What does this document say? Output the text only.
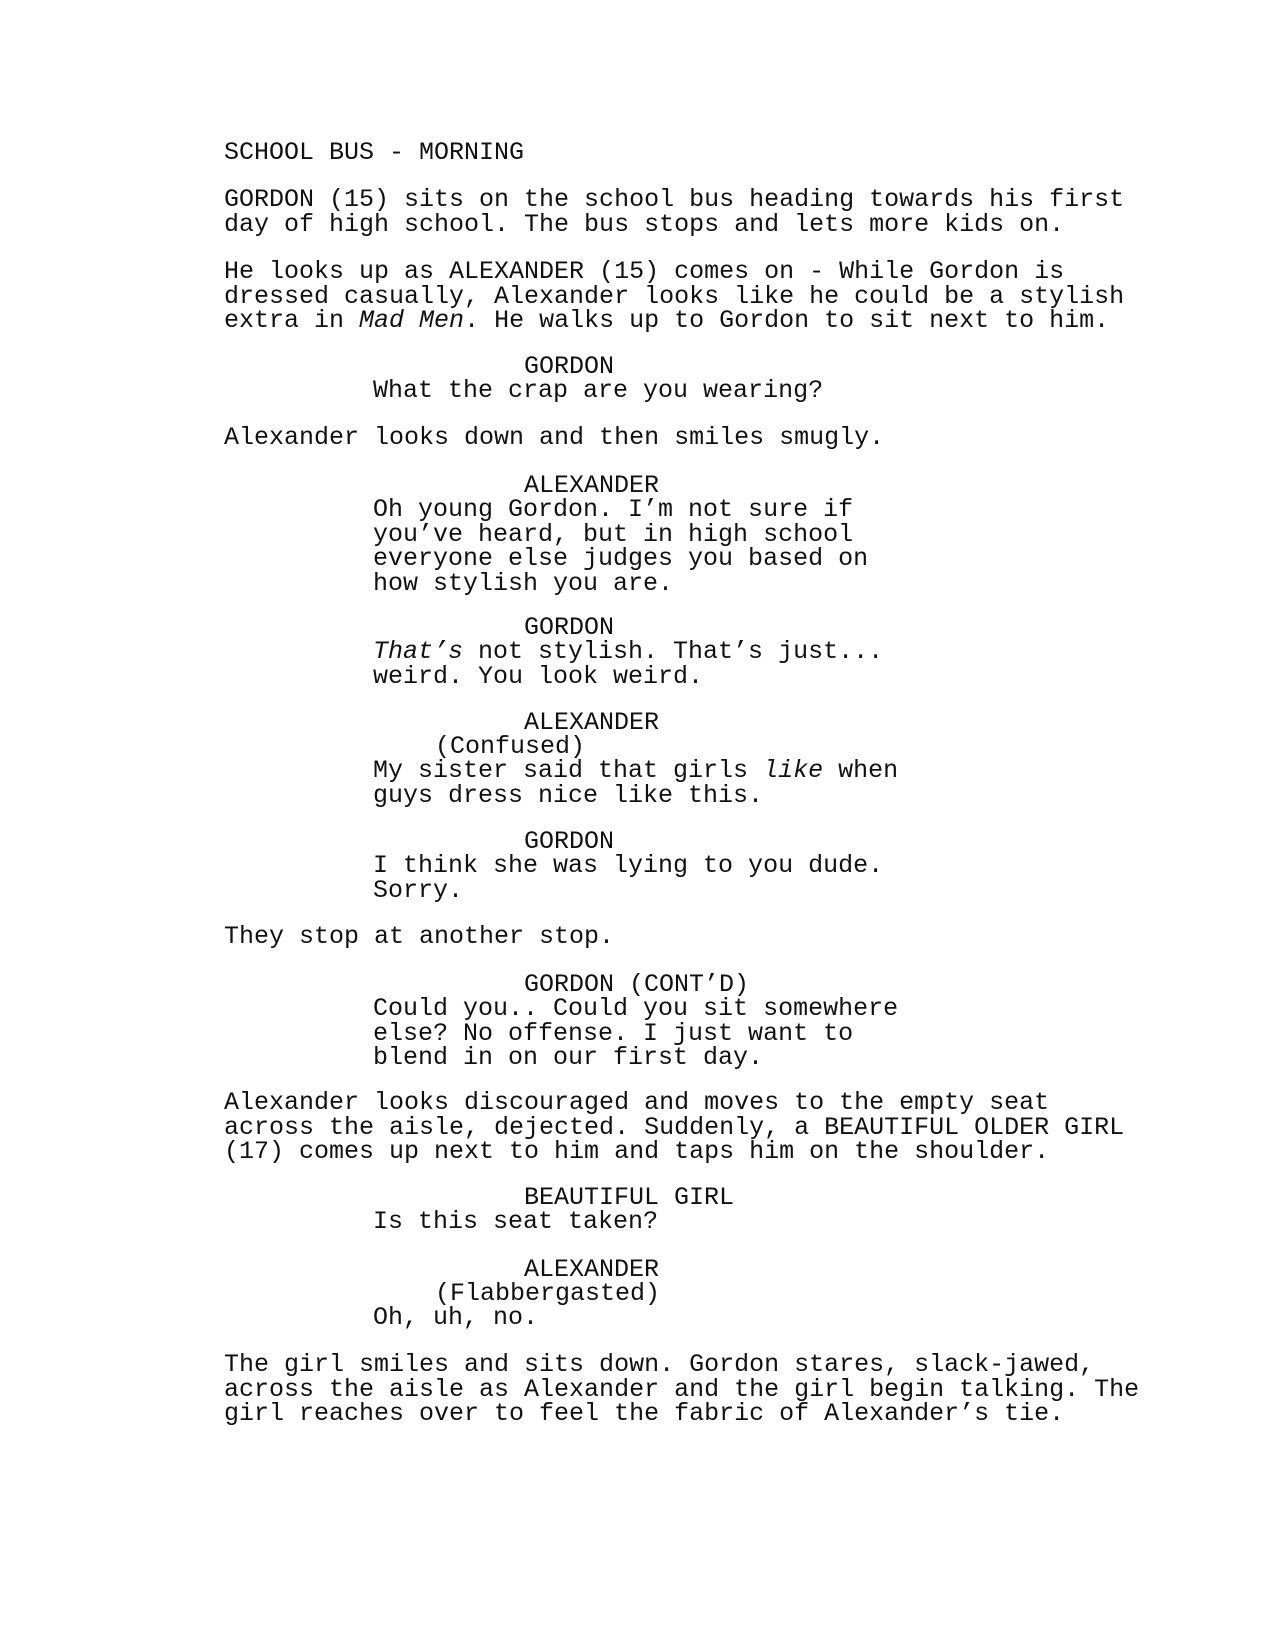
SCHOOL BUS - MORNING
GORDON (15) sits on the school bus heading towards his first
day of high school. The bus stops and lets more kids on.
He looks up as ALEXANDER (15) comes on - While Gordon is
dressed casually, Alexander looks like he could be a stylish
extra in Mad Men. He walks up to Gordon to sit next to him.
GORDON
What the crap are you wearing?
Alexander looks down and then smiles smugly.
ALEXANDER
Oh young Gordon. I’m not sure if
you’ve heard, but in high school
everyone else judges you based on
how stylish you are.
GORDON
That’s not stylish. That’s just...
weird. You look weird.
ALEXANDER
(Confused)
My sister said that girls like when
guys dress nice like this.
GORDON
I think she was lying to you dude.
Sorry.
They stop at another stop.
GORDON (CONT’D)
Could you.. Could you sit somewhere
else? No offense. I just want to
blend in on our first day.
Alexander looks discouraged and moves to the empty seat
across the aisle, dejected. Suddenly, a BEAUTIFUL OLDER GIRL
(17) comes up next to him and taps him on the shoulder.
BEAUTIFUL GIRL
Is this seat taken?
ALEXANDER
(Flabbergasted)
Oh, uh, no.
The girl smiles and sits down. Gordon stares, slack-jawed,
across the aisle as Alexander and the girl begin talking. The
girl reaches over to feel the fabric of Alexander’s tie.
